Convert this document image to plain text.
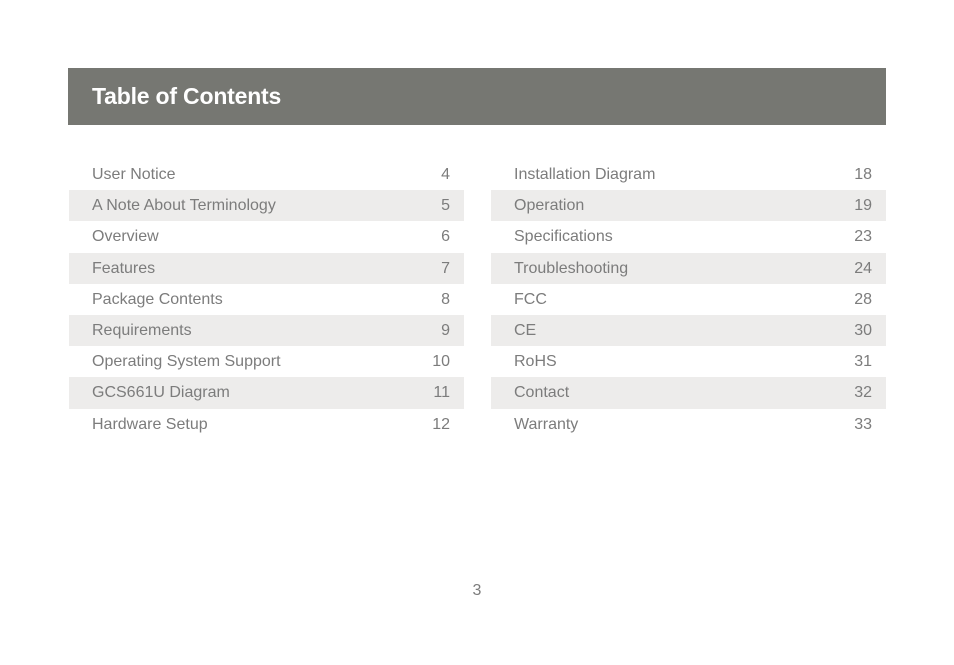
Table of Contents
User Notice	4
A Note About Terminology	5
Overview	6
Features	7
Package Contents	8
Requirements	9
Operating System Support	10
GCS661U Diagram	11
Hardware Setup	12
Installation Diagram	18
Operation	19
Specifications	23
Troubleshooting	24
FCC	28
CE	30
RoHS	31
Contact	32
Warranty	33
3
